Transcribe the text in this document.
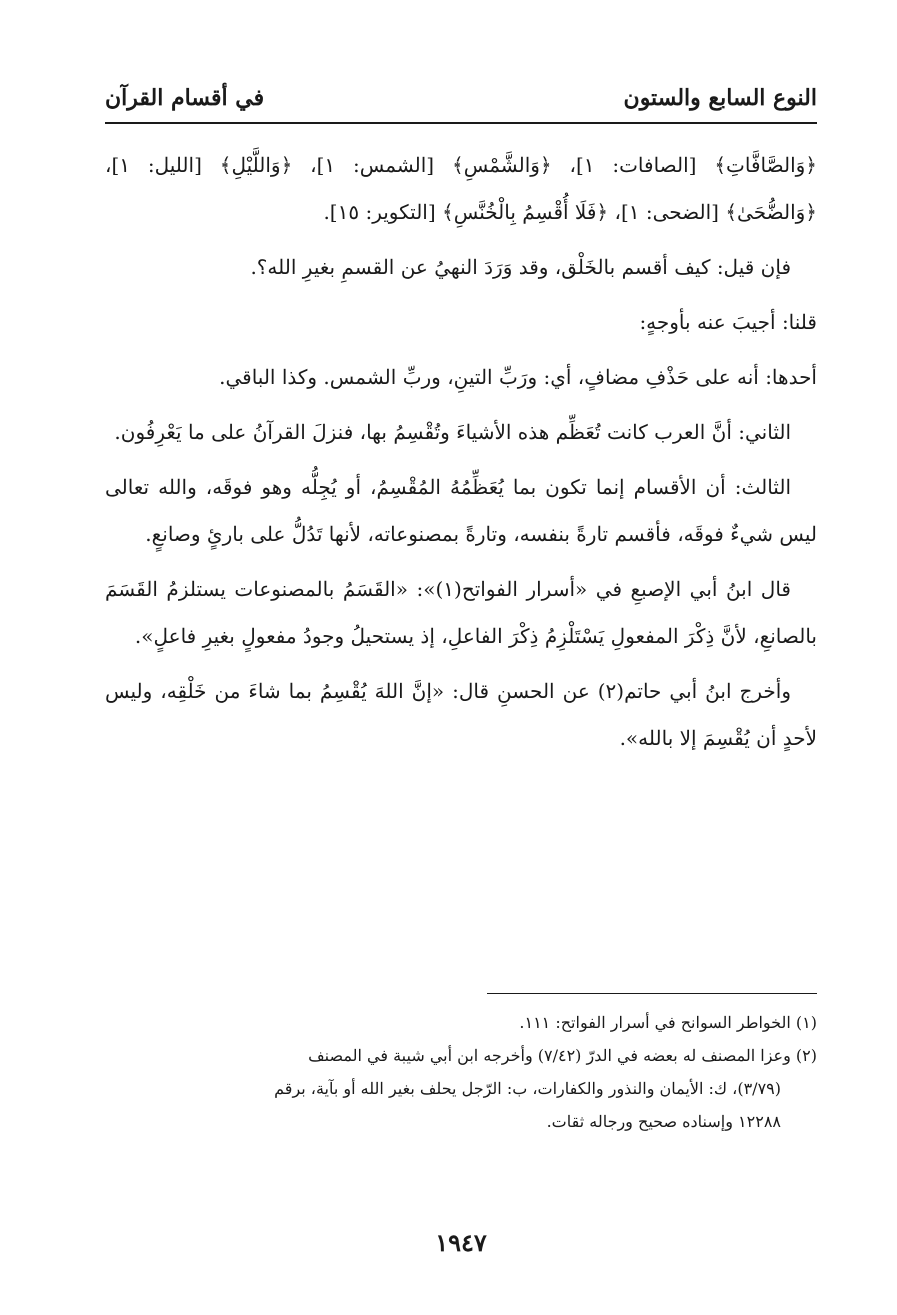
النوع السابع والستون
في أقسام القرآن

﴿وَالصَّافَّاتِ﴾ [الصافات: ١]، ﴿وَالشَّمْسِ﴾ [الشمس: ١]، ﴿وَاللَّيْلِ﴾ [الليل: ١]، ﴿وَالضُّحَىٰ﴾ [الضحى: ١]، ﴿فَلَا أُقْسِمُ بِالْخُنَّسِ﴾ [التكوير: ١٥].

فإن قيل: كيف أقسم بالخَلْق، وقد وَرَدَ النهيُ عن القسمِ بغيرِ الله؟.

قلنا: أجيبَ عنه بأوجهٍ:

أحدها: أنه على حَذْفِ مضافٍ، أي: ورَبِّ التينِ، وربِّ الشمس. وكذا الباقي.

الثاني: أنَّ العرب كانت تُعَظِّم هذه الأشياءَ وتُقْسِمُ بها، فنزلَ القرآنُ على ما يَعْرِفُون.

الثالث: أن الأقسام إنما تكون بما يُعَظِّمُهُ المُقْسِمُ، أو يُجِلُّه وهو فوقَه، والله تعالى ليس شيءٌ فوقَه، فأقسم تارةً بنفسه، وتارةً بمصنوعاته، لأنها تَدُلُّ على بارئٍ وصانعٍ.

قال ابنُ أبي الإصبعِ في «أسرار الفواتح(١)»: «القَسَمُ بالمصنوعات يستلزمُ القَسَمَ بالصانعِ، لأنَّ ذِكْرَ المفعولِ يَسْتَلْزِمُ ذِكْرَ الفاعلِ، إذ يستحيلُ وجودُ مفعولٍ بغيرِ فاعلٍ».

وأخرج ابنُ أبي حاتم(٢) عن الحسنِ قال: «إنَّ اللهَ يُقْسِمُ بما شاءَ من خَلْقِه، وليس لأحدٍ أن يُقْسِمَ إلا بالله».

(١) الخواطر السوانح في أسرار الفواتح: ١١١.

(٢) وعزا المصنف له بعضه في الدرّ (٧/٤٢) وأخرجه ابن أبي شيبة في المصنف

(٣/٧٩)، ك: الأيمان والنذور والكفارات، ب: الرّجل يحلف بغير الله أو بآية، برقم

١٢٢٨٨ وإسناده صحيح ورجاله ثقات.

١٩٤٧
